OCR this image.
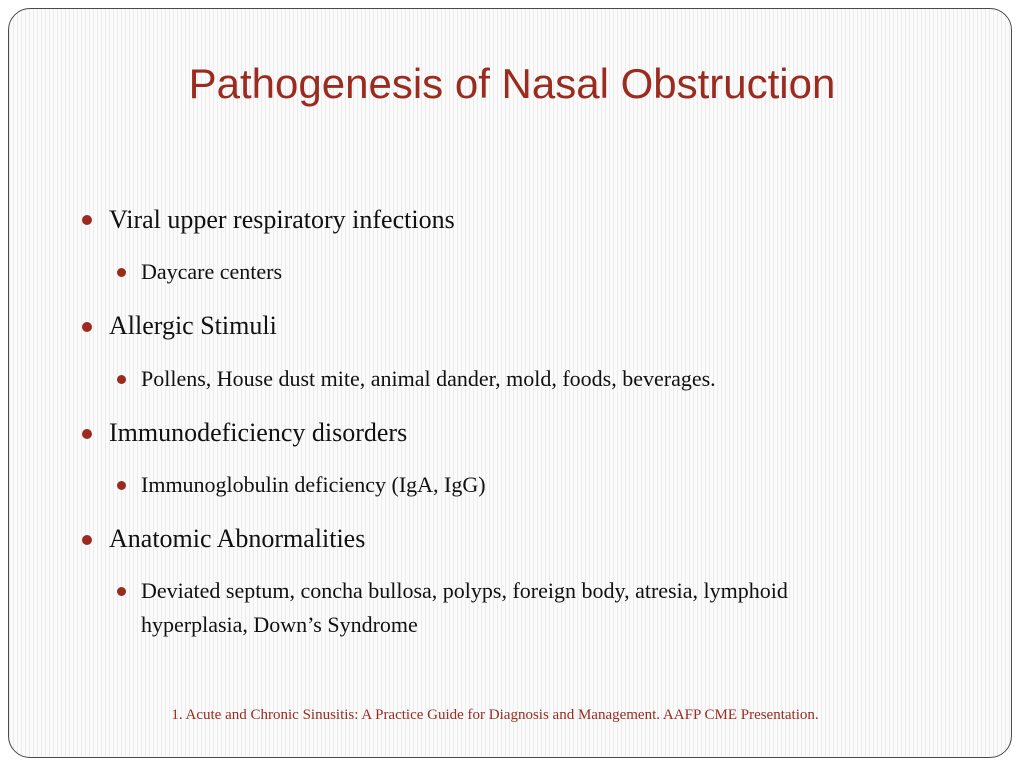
Pathogenesis of Nasal Obstruction
Viral upper respiratory infections
Daycare centers
Allergic Stimuli
Pollens, House dust mite, animal dander, mold, foods, beverages.
Immunodeficiency disorders
Immunoglobulin deficiency (IgA, IgG)
Anatomic Abnormalities
Deviated septum, concha bullosa, polyps, foreign body, atresia, lymphoid hyperplasia, Down’s Syndrome
1. Acute and Chronic Sinusitis: A Practice Guide for Diagnosis and Management. AAFP CME Presentation.
